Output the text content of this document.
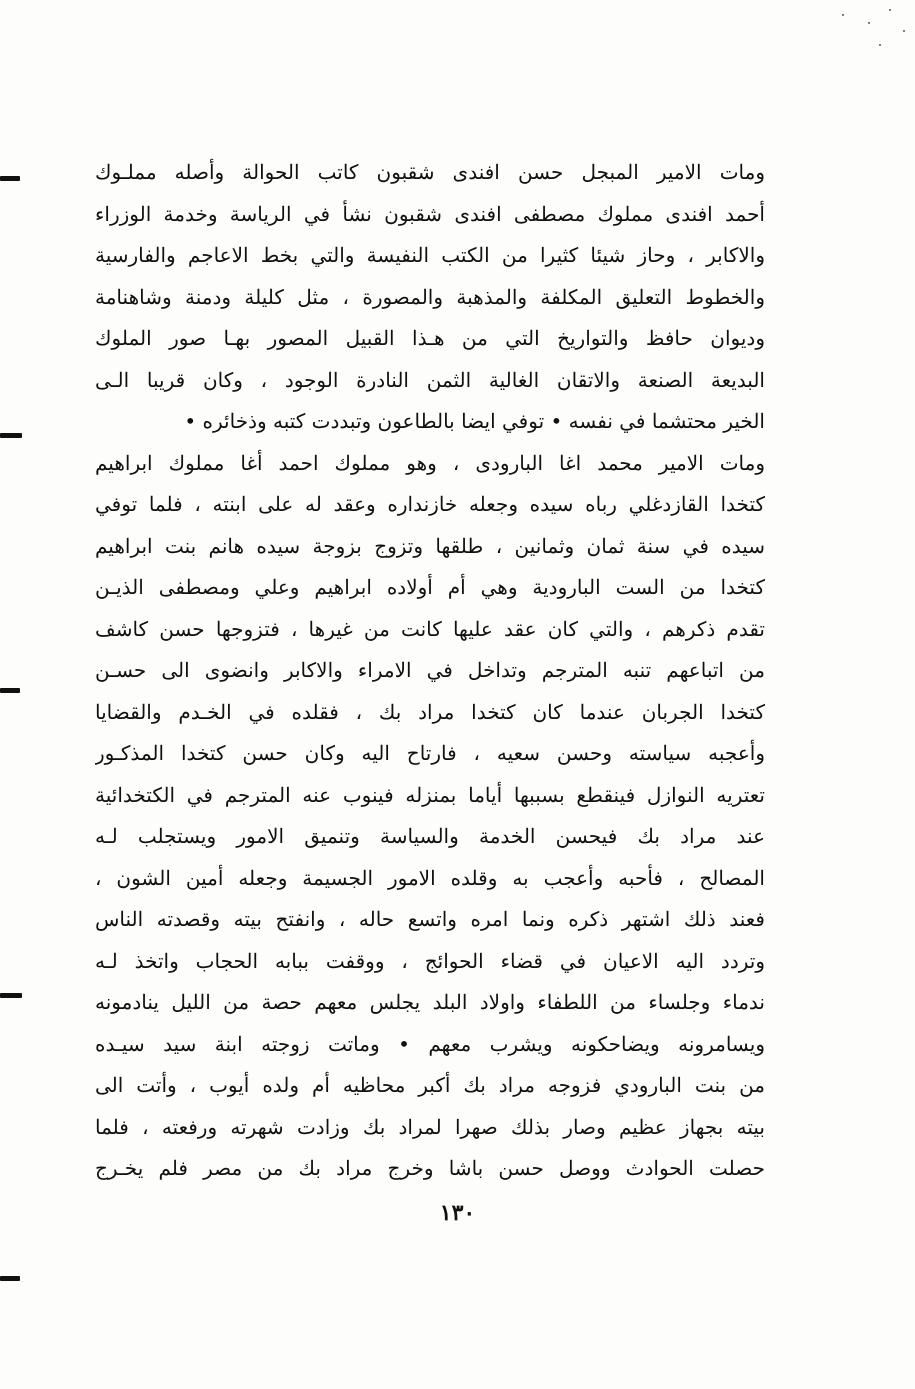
ومات الامير المبجل حسن افندى شقبون كاتب الحوالة وأصله مملـوك
أحمد افندى مملوك مصطفى افندى شقبون نشأ في الرياسة وخدمة الوزراء
والاكابر ، وحاز شيئا كثيرا من الكتب النفيسة والتي بخط الاعاجم والفارسية
والخطوط التعليق المكلفة والمذهبة والمصورة ، مثل كليلة ودمنة وشاهنامة
وديوان حافظ والتواريخ التي من هـذا القبيل المصور بهـا صور الملوك
البديعة الصنعة والاتقان الغالية الثمن النادرة الوجود ، وكان قريبا الـى
الخير محتشما في نفسه • توفي ايضا بالطاعون وتبددت كتبه وذخائره •
ومات الامير محمد اغا البارودى ، وهو مملوك احمد أغا مملوك ابراهيم
كتخدا القازدغلي رباه سيده وجعله خازنداره وعقد له على ابنته ، فلما توفي
سيده في سنة ثمان وثمانين ، طلقها وتزوج بزوجة سيده هانم بنت ابراهيم
كتخدا من الست البارودية وهي أم أولاده ابراهيم وعلي ومصطفى الذيـن
تقدم ذكرهم ، والتي كان عقد عليها كانت من غيرها ، فتزوجها حسن كاشف
من اتباعهم تنبه المترجم وتداخل في الامراء والاكابر وانضوى الى حسـن
كتخدا الجربان عندما كان كتخدا مراد بك ، فقلده في الخـدم والقضايا
وأعجبه سياسته وحسن سعيه ، فارتاح اليه وكان حسن كتخدا المذكـور
تعتريه النوازل فينقطع بسببها أياما بمنزله فينوب عنه المترجم في الكتخدائية
عند مراد بك فيحسن الخدمة والسياسة وتنميق الامور ويستجلب لـه
المصالح ، فأحبه وأعجب به وقلده الامور الجسيمة وجعله أمين الشون ،
فعند ذلك اشتهر ذكره ونما امره واتسع حاله ، وانفتح بيته وقصدته الناس
وتردد اليه الاعيان في قضاء الحوائج ، ووقفت ببابه الحجاب واتخذ لـه
ندماء وجلساء من اللطفاء واولاد البلد يجلس معهم حصة من الليل ينادمونه
ويسامرونه ويضاحكونه ويشرب معهم • وماتت زوجته ابنة سيد سيـده
من بنت البارودي فزوجه مراد بك أكبر محاظيه أم ولده أيوب ، وأتت الى
بيته بجهاز عظيم وصار بذلك صهرا لمراد بك وزادت شهرته ورفعته ، فلما
حصلت الحوادث ووصل حسن باشا وخرج مراد بك من مصر فلم يخـرج
١٣٠
